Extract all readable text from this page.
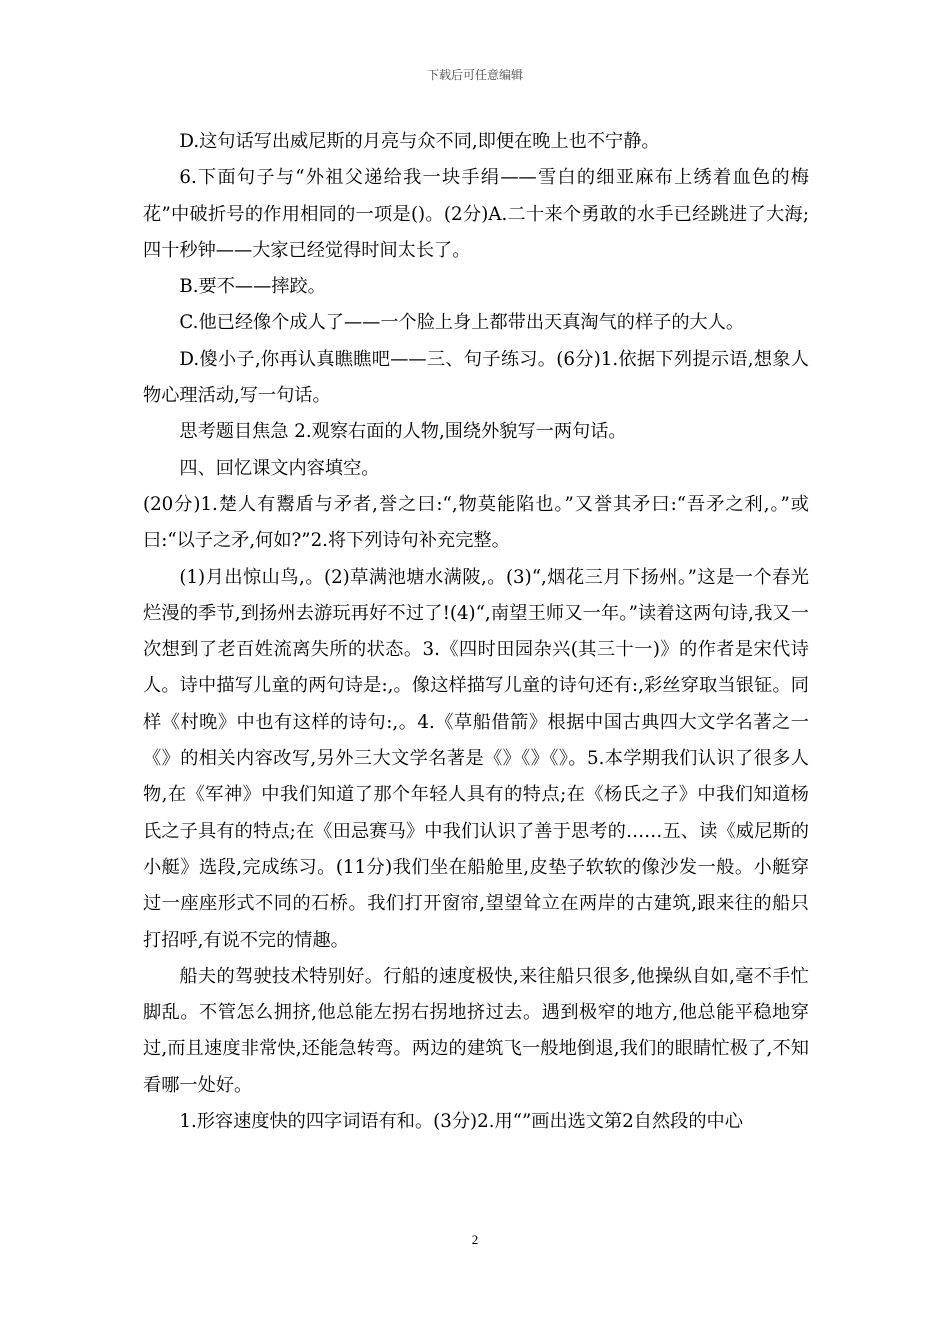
下载后可任意编辑

D.这句话写出威尼斯的月亮与众不同,即便在晚上也不宁静。

6.下面句子与“外祖父递给我一块手绢——雪白的细亚麻布上绣着血色的梅花”中破折号的作用相同的一项是()。(2分)A.二十来个勇敢的水手已经跳进了大海;四十秒钟——大家已经觉得时间太长了。

B.要不——摔跤。

C.他已经像个成人了——一个脸上身上都带出天真淘气的样子的大人。

D.傻小子,你再认真瞧瞧吧——三、句子练习。(6分)1.依据下列提示语,想象人物心理活动,写一句话。

思考题目焦急 2.观察右面的人物,围绕外貌写一两句话。

四、回忆课文内容填空。

(20分)1.楚人有鬻盾与矛者,誉之曰:“,物莫能陷也。”又誉其矛曰:“吾矛之利,。”或曰:“以子之矛,何如?”2.将下列诗句补充完整。

(1)月出惊山鸟,。(2)草满池塘水满陂,。(3)“,烟花三月下扬州。”这是一个春光烂漫的季节,到扬州去游玩再好不过了!(4)“,南望王师又一年。”读着这两句诗,我又一次想到了老百姓流离失所的状态。3.《四时田园杂兴(其三十一)》的作者是宋代诗人。诗中描写儿童的两句诗是:,。像这样描写儿童的诗句还有:,彩丝穿取当银钲。同样《村晚》中也有这样的诗句:,。4.《草船借箭》根据中国古典四大文学名著之一《》的相关内容改写,另外三大文学名著是《》《》《》。5.本学期我们认识了很多人物,在《军神》中我们知道了那个年轻人具有的特点;在《杨氏之子》中我们知道杨氏之子具有的特点;在《田忌赛马》中我们认识了善于思考的……五、读《威尼斯的小艇》选段,完成练习。(11分)我们坐在船舱里,皮垫子软软的像沙发一般。小艇穿过一座座形式不同的石桥。我们打开窗帘,望望耸立在两岸的古建筑,跟来往的船只打招呼,有说不完的情趣。

船夫的驾驶技术特别好。行船的速度极快,来往船只很多,他操纵自如,毫不手忙脚乱。不管怎么拥挤,他总能左拐右拐地挤过去。遇到极窄的地方,他总能平稳地穿过,而且速度非常快,还能急转弯。两边的建筑飞一般地倒退,我们的眼睛忙极了,不知看哪一处好。

1.形容速度快的四字词语有和。(3分)2.用“”画出选文第2自然段的中心

2
